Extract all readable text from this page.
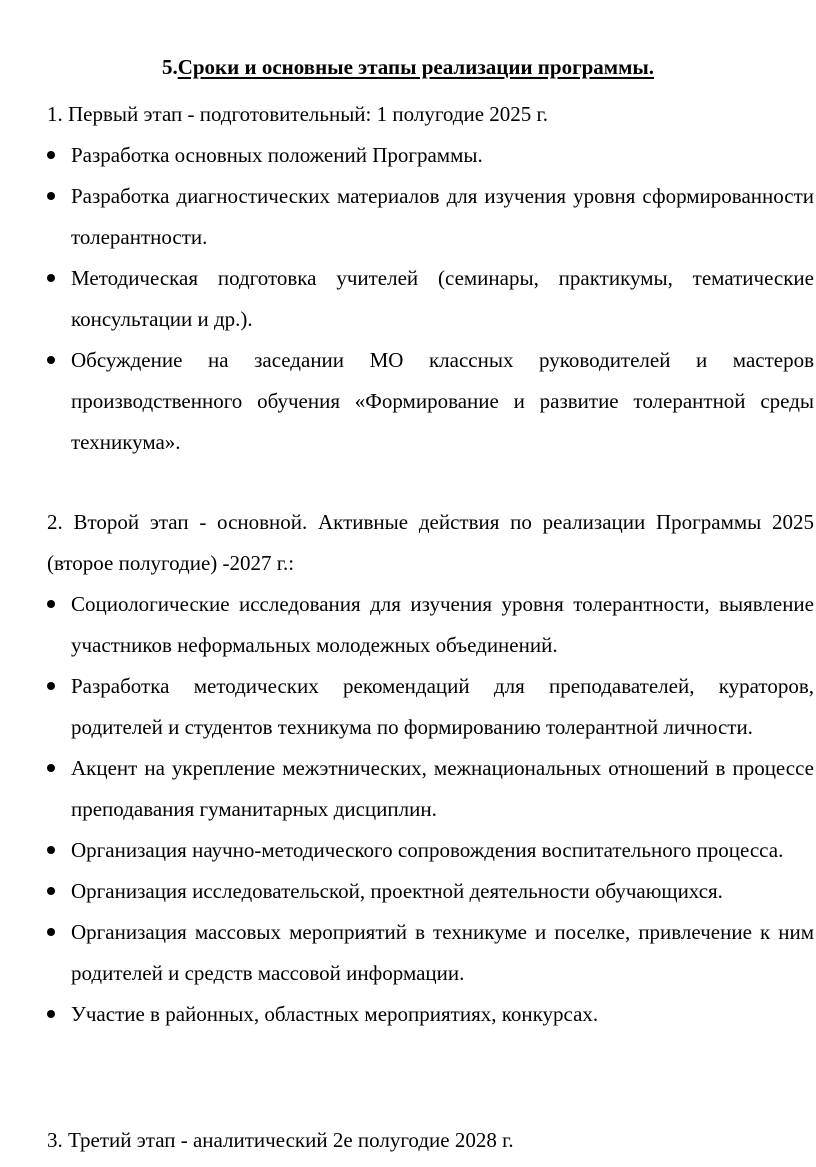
5.Сроки и основные этапы реализации программы.
1. Первый этап - подготовительный: 1 полугодие 2025 г.
Разработка основных положений Программы.
Разработка диагностических материалов для изучения уровня сформированности толерантности.
Методическая подготовка учителей (семинары, практикумы, тематические консультации и др.).
Обсуждение на заседании МО классных руководителей и мастеров производственного обучения «Формирование и развитие толерантной среды техникума».
2. Второй этап - основной. Активные действия по реализации Программы 2025 (второе полугодие) -2027 г.:
Социологические исследования для изучения уровня толерантности, выявление участников неформальных молодежных объединений.
Разработка методических рекомендаций для преподавателей, кураторов, родителей и студентов техникума по формированию толерантной личности.
Акцент на укрепление межэтнических, межнациональных отношений в процессе преподавания гуманитарных дисциплин.
Организация научно-методического сопровождения воспитательного процесса.
Организация исследовательской, проектной деятельности обучающихся.
Организация массовых мероприятий в техникуме и поселке, привлечение к ним родителей и средств массовой информации.
Участие в районных, областных мероприятиях, конкурсах.
3. Третий этап - аналитический 2е полугодие 2028 г.
